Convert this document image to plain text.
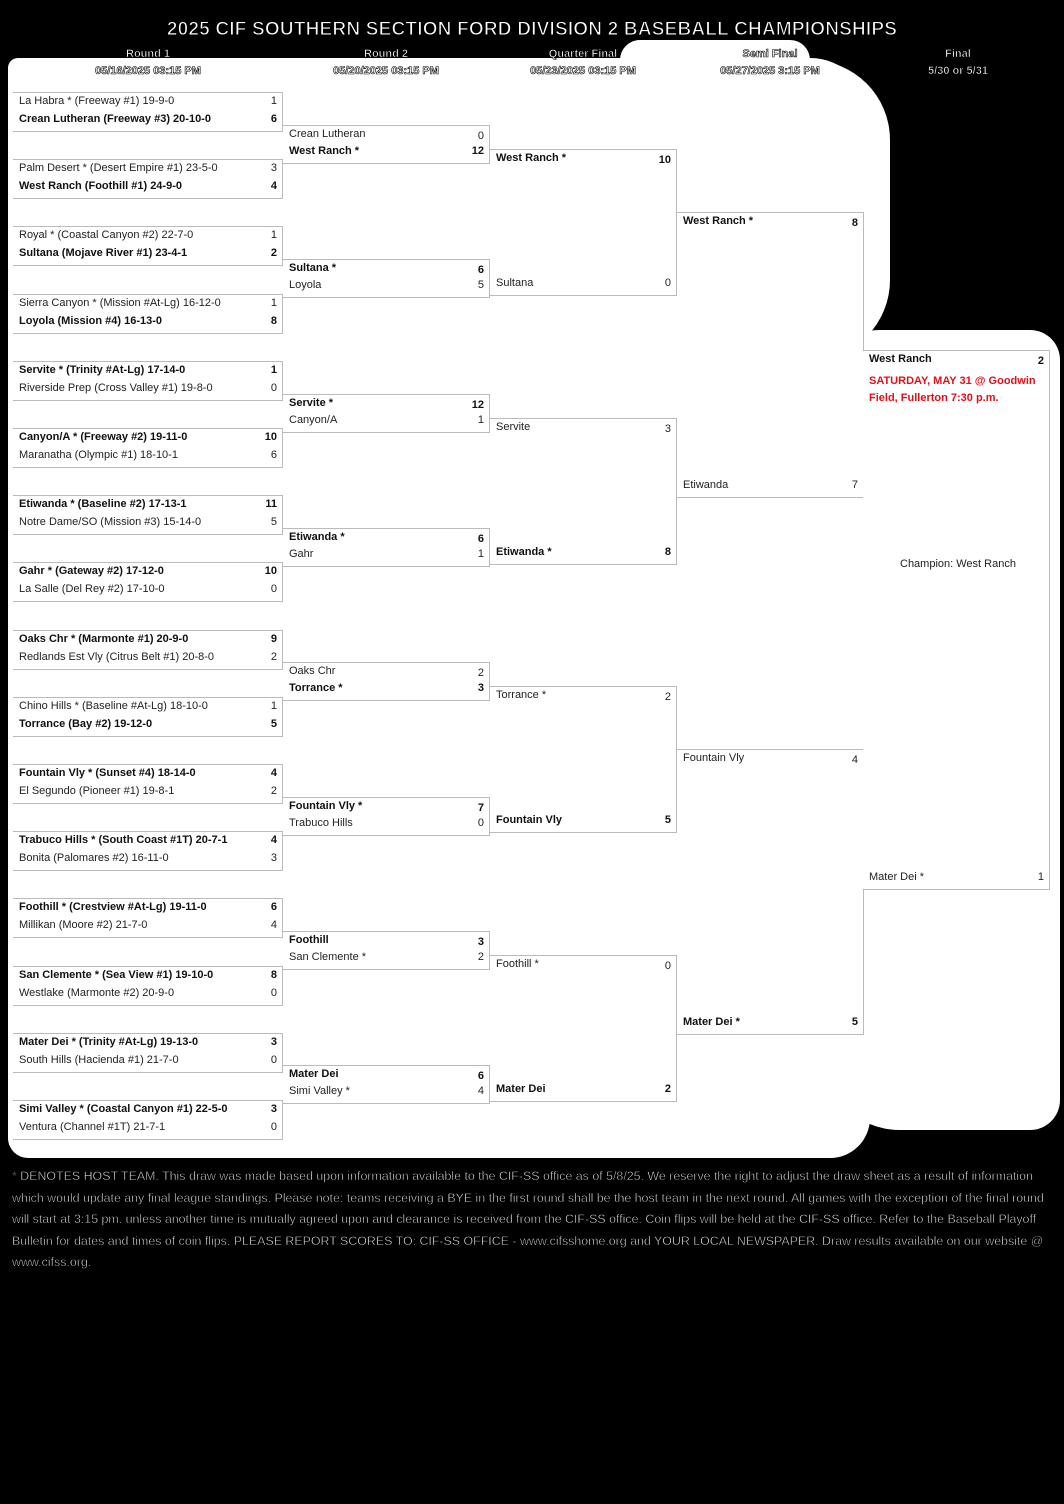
2025 CIF SOUTHERN SECTION FORD DIVISION 2 BASEBALL CHAMPIONSHIPS
Round 1
05/16/2025 03:15 PM
Round 2
05/20/2025 03:15 PM
Quarter Final
05/23/2025 03:15 PM
Semi Final
05/27/2025 3:15 PM
Final
5/30 or 5/31
La Habra * (Freeway #1) 19-9-0	1
Crean Lutheran (Freeway #3) 20-10-0	6
Palm Desert * (Desert Empire #1) 23-5-0	3
West Ranch (Foothill #1) 24-9-0	4
Royal * (Coastal Canyon #2) 22-7-0	1
Sultana (Mojave River #1) 23-4-1	2
Sierra Canyon * (Mission #At-Lg) 16-12-0	1
Loyola (Mission #4) 16-13-0	8
Servite * (Trinity #At-Lg) 17-14-0	1
Riverside Prep (Cross Valley #1) 19-8-0	0
Canyon/A * (Freeway #2) 19-11-0	10
Maranatha (Olympic #1) 18-10-1	6
Etiwanda * (Baseline #2) 17-13-1	11
Notre Dame/SO (Mission #3) 15-14-0	5
Gahr * (Gateway #2) 17-12-0	10
La Salle (Del Rey #2) 17-10-0	0
Oaks Chr * (Marmonte #1) 20-9-0	9
Redlands Est Vly (Citrus Belt #1) 20-8-0	2
Chino Hills * (Baseline #At-Lg) 18-10-0	1
Torrance (Bay #2) 19-12-0	5
Fountain Vly * (Sunset #4) 18-14-0	4
El Segundo (Pioneer #1) 19-8-1	2
Trabuco Hills * (South Coast #1T) 20-7-1	4
Bonita (Palomares #2) 16-11-0	3
Foothill * (Crestview #At-Lg) 19-11-0	6
Millikan (Moore #2) 21-7-0	4
San Clemente * (Sea View #1) 19-10-0	8
Westlake (Marmonte #2) 20-9-0	0
Mater Dei * (Trinity #At-Lg) 19-13-0	3
South Hills (Hacienda #1) 21-7-0	0
Simi Valley * (Coastal Canyon #1) 22-5-0	3
Ventura (Channel #1T) 21-7-1	0
Crean Lutheran	0
West Ranch *	12
Sultana *	6
Loyola	5
Servite *	12
Canyon/A	1
Etiwanda *	6
Gahr	1
Oaks Chr	2
Torrance *	3
Fountain Vly *	7
Trabuco Hills	0
Foothill	3
San Clemente *	2
Mater Dei	6
Simi Valley *	4
West Ranch *	10
Sultana	0
Servite	3
Etiwanda *	8
Torrance *	2
Fountain Vly	5
Foothill *	0
Mater Dei	2
West Ranch *	8
Etiwanda	7
Fountain Vly	4
Mater Dei *	5
West Ranch	2
Mater Dei *	1
SATURDAY, MAY 31 @ Goodwin
Field, Fullerton 7:30 p.m.
Champion: West Ranch
* DENOTES HOST TEAM. This draw was made based upon information available to the CIF-SS office as of 5/8/25. We reserve the right to adjust the draw sheet as a result of information which would update any final league standings. Please note: teams receiving a BYE in the first round shall be the host team in the next round. All games with the exception of the final round will start at 3:15 pm. unless another time is mutually agreed upon and clearance is received from the CIF-SS office. Coin flips will be held at the CIF-SS office. Refer to the Baseball Playoff Bulletin for dates and times of coin flips. PLEASE REPORT SCORES TO: CIF-SS OFFICE - www.cifsshome.org and YOUR LOCAL NEWSPAPER. Draw results available on our website @ www.cifss.org.
